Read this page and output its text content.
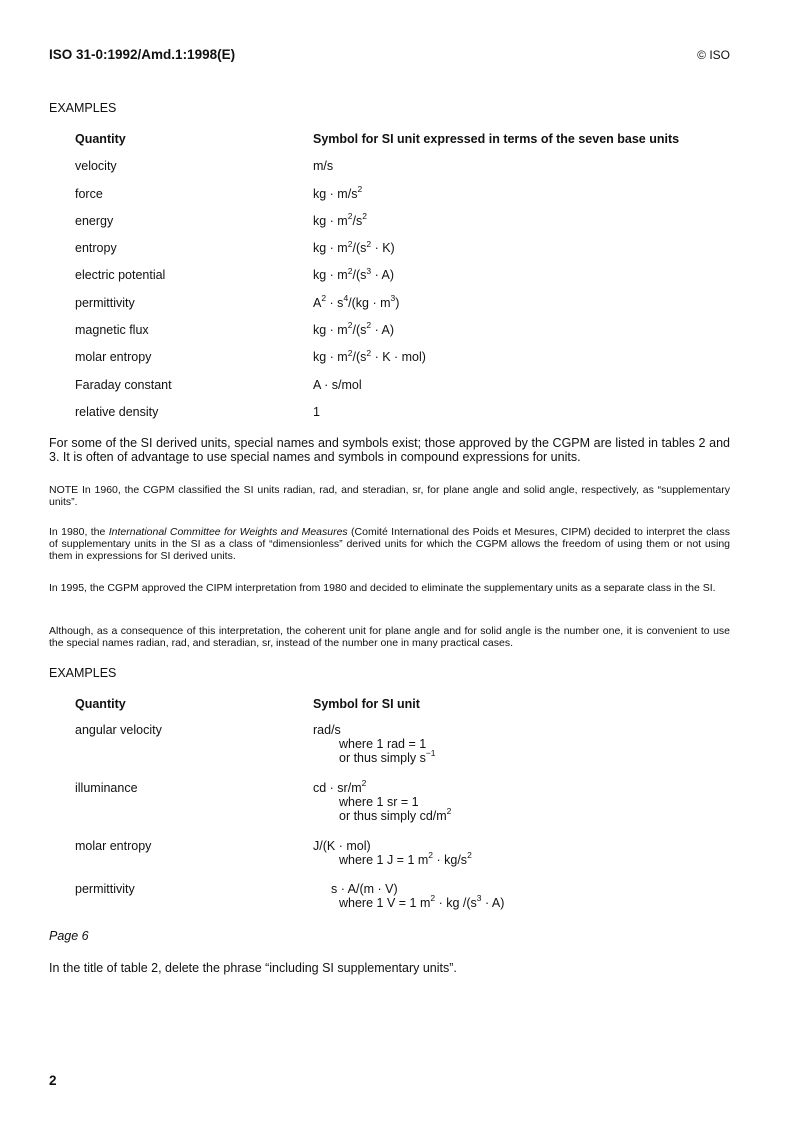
ISO 31-0:1992/Amd.1:1998(E)	© ISO
EXAMPLES
Quantity	Symbol for SI unit expressed in terms of the seven base units
velocity	m/s
force	kg · $m/s^2$
energy	kg · $m^2/s^2$
entropy	kg · $m^2/(s^2 \cdot K)$
electric potential	kg · $m^2/(s^3 \cdot A)$
permittivity	$A^2 \cdot s^4/(kg \cdot m^3)$
magnetic flux	kg · $m^2/(s^2 \cdot A)$
molar entropy	kg · $m^2/(s^2 \cdot K \cdot mol)$
Faraday constant	A · s/mol
relative density	1
For some of the SI derived units, special names and symbols exist; those approved by the CGPM are listed in tables 2 and 3. It is often of advantage to use special names and symbols in compound expressions for units.
NOTE In 1960, the CGPM classified the SI units radian, rad, and steradian, sr, for plane angle and solid angle, respectively, as “supplementary units”.
In 1980, the International Committee for Weights and Measures (Comité International des Poids et Mesures, CIPM) decided to interpret the class of supplementary units in the SI as a class of “dimensionless” derived units for which the CGPM allows the freedom of using them or not using them in expressions for SI derived units.
In 1995, the CGPM approved the CIPM interpretation from 1980 and decided to eliminate the supplementary units as a separate class in the SI.
Although, as a consequence of this interpretation, the coherent unit for plane angle and for solid angle is the number one, it is convenient to use the special names radian, rad, and steradian, sr, instead of the number one in many practical cases.
EXAMPLES
Quantity	Symbol for SI unit
angular velocity	rad/s
where 1 rad = 1
or thus simply $s^{-1}$

illuminance	cd · $sr/m^2$
where 1 sr = 1
or thus simply $cd/m^2$

molar entropy	J/(K · mol)
where 1 J = 1 $m^2 \cdot kg/s^2$

permittivity	s · A/(m · V)
where 1 V = 1 $m^2$ · kg $/(s^3 \cdot A)$
Page 6
In the title of table 2, delete the phrase “including SI supplementary units”.
2
